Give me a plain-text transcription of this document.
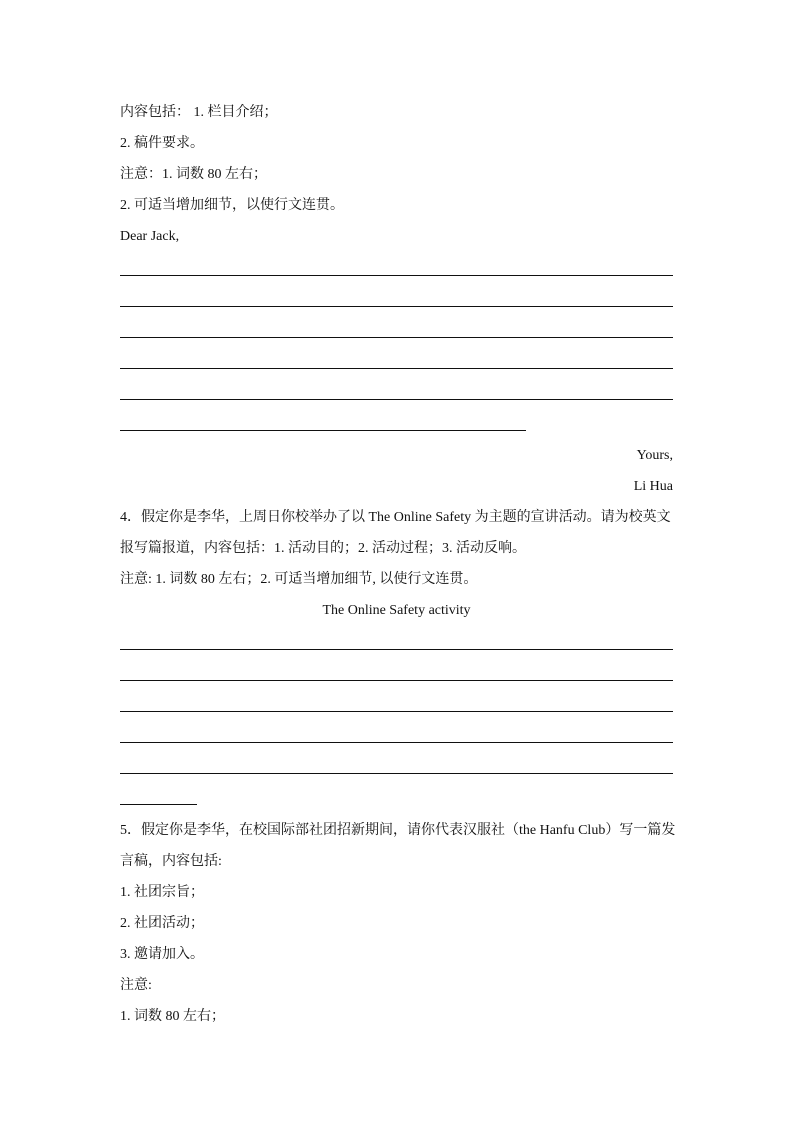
内容包括： 1. 栏目介绍；
2. 稿件要求。
注意：1. 词数 80 左右；
2. 可适当增加细节，以使行文连贯。
Dear Jack,
Yours,
Li Hua
4．假定你是李华，上周日你校举办了以 The Online Safety 为主题的宣讲活动。请为校英文
报写篇报道，内容包括：1. 活动目的；2. 活动过程；3. 活动反响。
注意: 1. 词数 80 左右；2. 可适当增加细节, 以使行文连贯。
The Online Safety activity
5．假定你是李华，在校国际部社团招新期间，请你代表汉服社（the Hanfu Club）写一篇发
言稿，内容包括:
1. 社团宗旨；
2. 社团活动；
3. 邀请加入。
注意:
1. 词数 80 左右；
